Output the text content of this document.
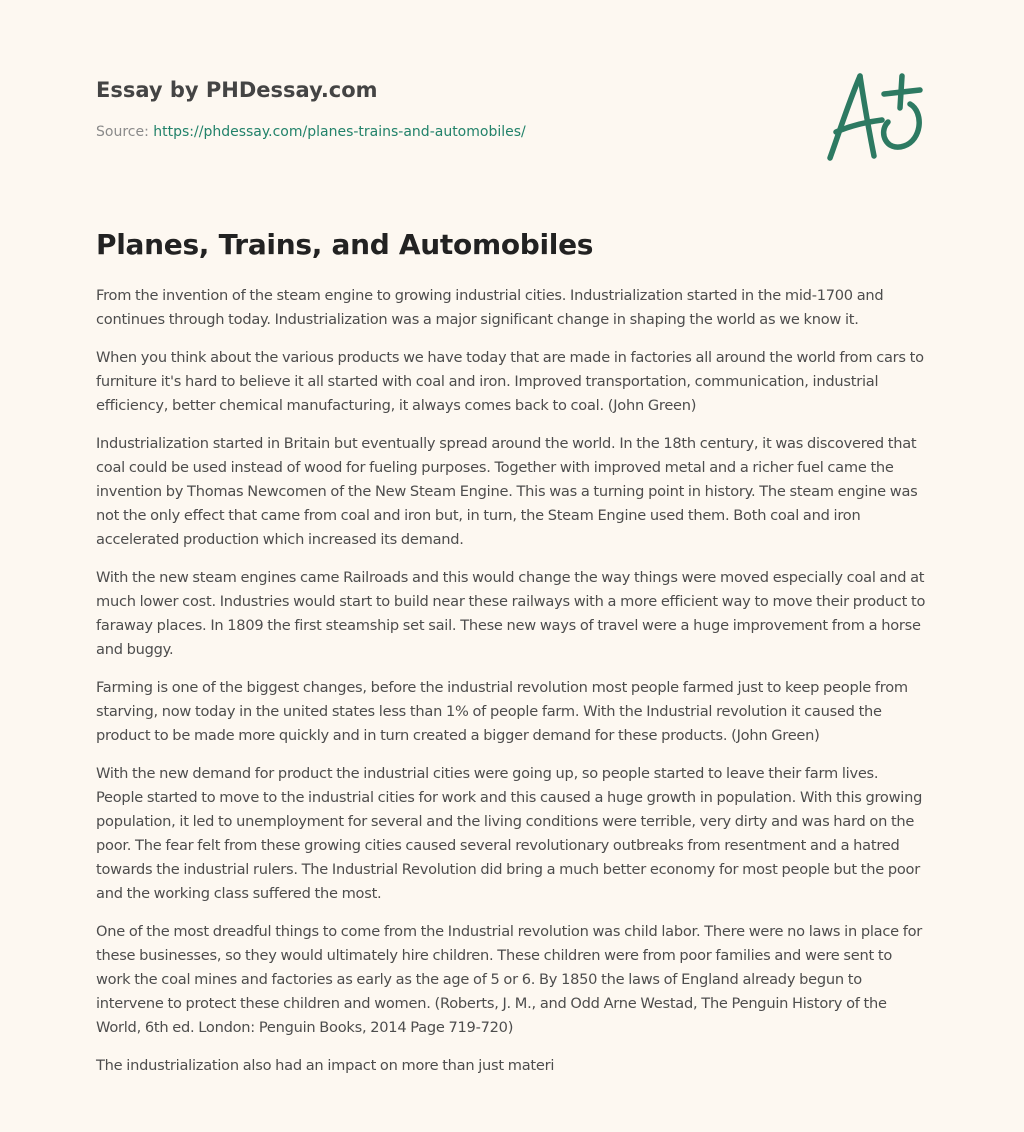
Essay by PHDessay.com
Source: https://phdessay.com/planes-trains-and-automobiles/
Planes, Trains, and Automobiles

From the invention of the steam engine to growing industrial cities. Industrialization started in the mid-1700 and continues through today. Industrialization was a major significant change in shaping the world as we know it.

When you think about the various products we have today that are made in factories all around the world from cars to furniture it's hard to believe it all started with coal and iron. Improved transportation, communication, industrial efficiency, better chemical manufacturing, it always comes back to coal. (John Green)

Industrialization started in Britain but eventually spread around the world. In the 18th century, it was discovered that coal could be used instead of wood for fueling purposes. Together with improved metal and a richer fuel came the invention by Thomas Newcomen of the New Steam Engine. This was a turning point in history. The steam engine was not the only effect that came from coal and iron but, in turn, the Steam Engine used them. Both coal and iron accelerated production which increased its demand.

With the new steam engines came Railroads and this would change the way things were moved especially coal and at much lower cost. Industries would start to build near these railways with a more efficient way to move their product to faraway places. In 1809 the first steamship set sail. These new ways of travel were a huge improvement from a horse and buggy.

Farming is one of the biggest changes, before the industrial revolution most people farmed just to keep people from starving, now today in the united states less than 1% of people farm. With the Industrial revolution it caused the product to be made more quickly and in turn created a bigger demand for these products. (John Green)

With the new demand for product the industrial cities were going up, so people started to leave their farm lives. People started to move to the industrial cities for work and this caused a huge growth in population. With this growing population, it led to unemployment for several and the living conditions were terrible, very dirty and was hard on the poor. The fear felt from these growing cities caused several revolutionary outbreaks from resentment and a hatred towards the industrial rulers. The Industrial Revolution did bring a much better economy for most people but the poor and the working class suffered the most.

One of the most dreadful things to come from the Industrial revolution was child labor. There were no laws in place for these businesses, so they would ultimately hire children. These children were from poor families and were sent to work the coal mines and factories as early as the age of 5 or 6. By 1850 the laws of England already begun to intervene to protect these children and women. (Roberts, J. M., and Odd Arne Westad, The Penguin History of the World, 6th ed. London: Penguin Books, 2014 Page 719-720)

The industrialization also had an impact on more than just materi
